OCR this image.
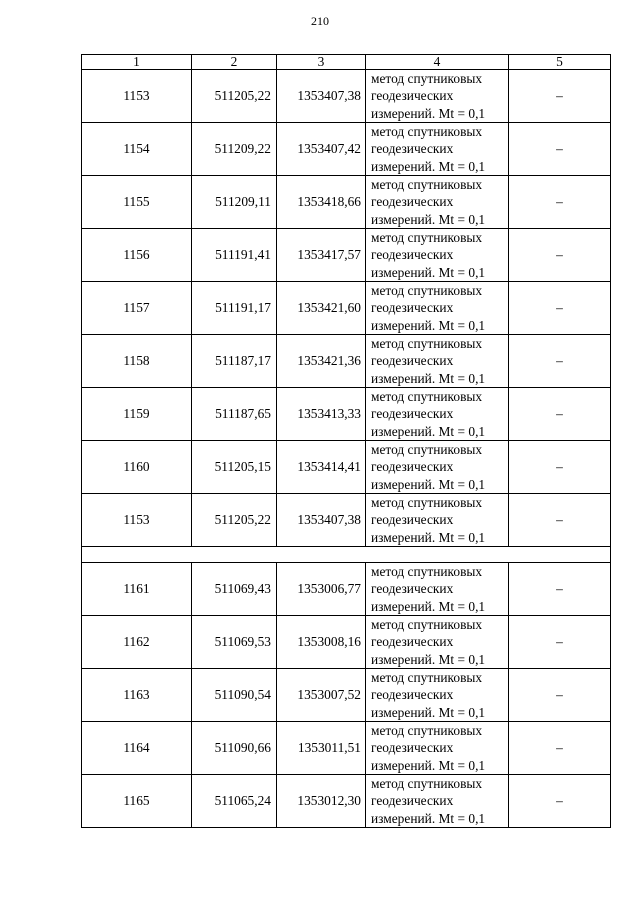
210
1	2	3	4	5
1153	511205,22	1353407,38	метод спутниковых
геодезических
измерений. Mt = 0,1	–
1154	511209,22	1353407,42	метод спутниковых
геодезических
измерений. Mt = 0,1	–
1155	511209,11	1353418,66	метод спутниковых
геодезических
измерений. Mt = 0,1	–
1156	511191,41	1353417,57	метод спутниковых
геодезических
измерений. Mt = 0,1	–
1157	511191,17	1353421,60	метод спутниковых
геодезических
измерений. Mt = 0,1	–
1158	511187,17	1353421,36	метод спутниковых
геодезических
измерений. Mt = 0,1	–
1159	511187,65	1353413,33	метод спутниковых
геодезических
измерений. Mt = 0,1	–
1160	511205,15	1353414,41	метод спутниковых
геодезических
измерений. Mt = 0,1	–
1153	511205,22	1353407,38	метод спутниковых
геодезических
измерений. Mt = 0,1	–

1161	511069,43	1353006,77	метод спутниковых
геодезических
измерений. Mt = 0,1	–
1162	511069,53	1353008,16	метод спутниковых
геодезических
измерений. Mt = 0,1	–
1163	511090,54	1353007,52	метод спутниковых
геодезических
измерений. Mt = 0,1	–
1164	511090,66	1353011,51	метод спутниковых
геодезических
измерений. Mt = 0,1	–
1165	511065,24	1353012,30	метод спутниковых
геодезических
измерений. Mt = 0,1	–
